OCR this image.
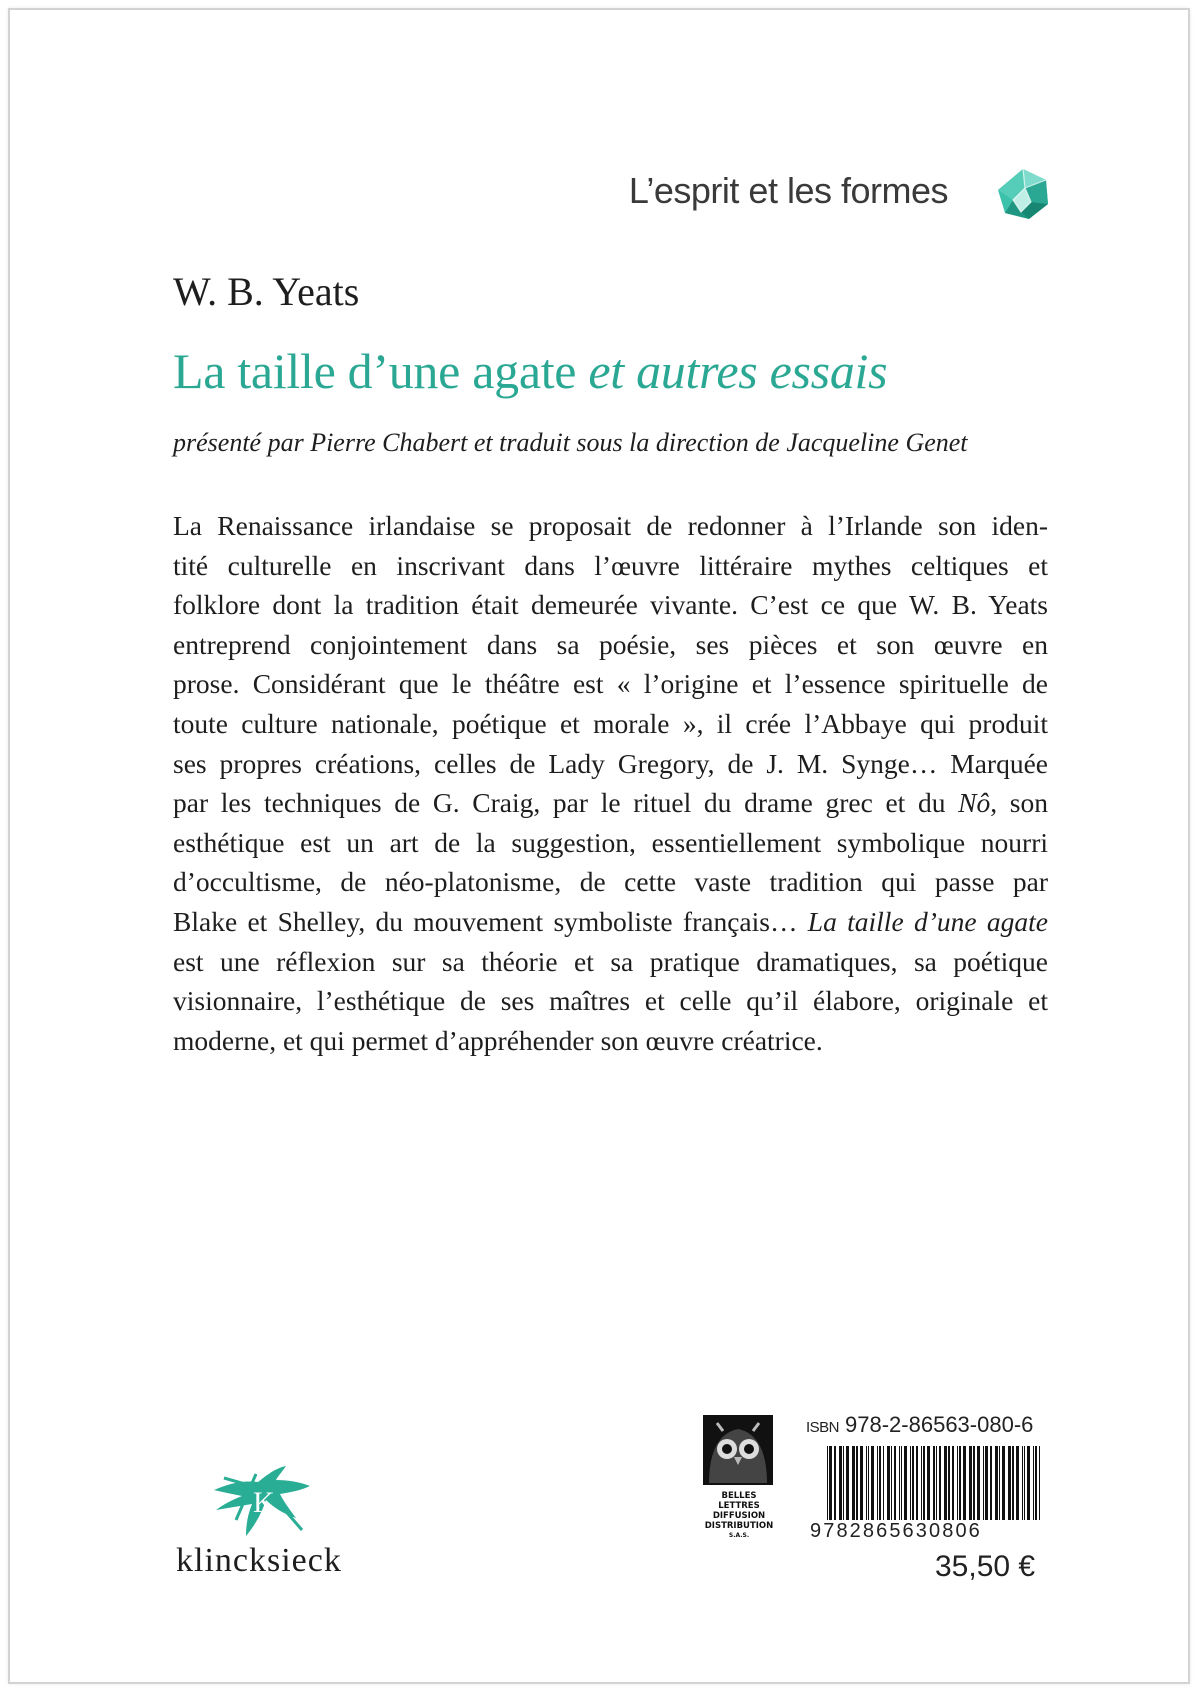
L’esprit et les formes
W. B. Yeats
La taille d’une agate et autres essais
présenté par Pierre Chabert et traduit sous la direction de Jacqueline Genet

La Renaissance irlandaise se proposait de redonner à l’Irlande son iden-
tité culturelle en inscrivant dans l’œuvre littéraire mythes celtiques et
folklore dont la tradition était demeurée vivante. C’est ce que W. B. Yeats
entreprend conjointement dans sa poésie, ses pièces et son œuvre en
prose. Considérant que le théâtre est « l’origine et l’essence spirituelle de
toute culture nationale, poétique et morale », il crée l’Abbaye qui produit
ses propres créations, celles de Lady Gregory, de J. M. Synge… Marquée
par les techniques de G. Craig, par le rituel du drame grec et du Nô, son
esthétique est un art de la suggestion, essentiellement symbolique nourri
d’occultisme, de néo-platonisme, de cette vaste tradition qui passe par
Blake et Shelley, du mouvement symboliste français… La taille d’une agate
est une réflexion sur sa théorie et sa pratique dramatiques, sa poétique
visionnaire, l’esthétique de ses maîtres et celle qu’il élabore, originale et
moderne, et qui permet d’appréhender son œuvre créatrice.

K
klincksieck
BELLES LETTRES
DIFFUSION
DISTRIBUTION
S.A.S.
ISBN 978-2-86563-080-6
9782865630806
35,50 €
